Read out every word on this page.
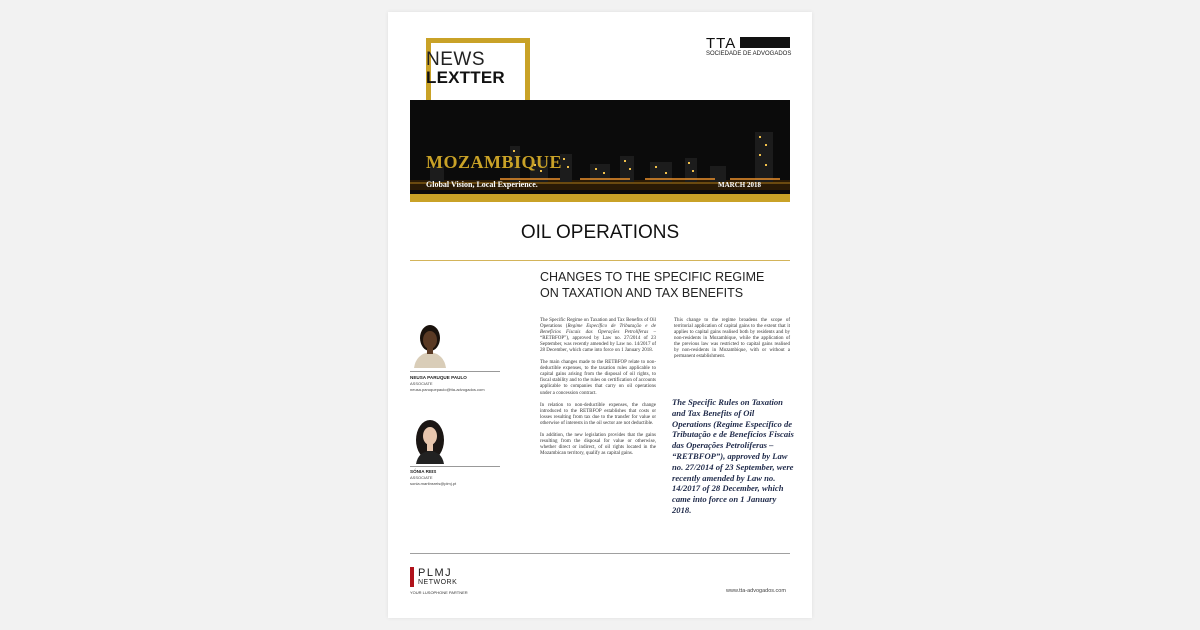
NEWS
LEXTTER
TTA
SOCIEDADE DE ADVOGADOS
MOZAMBIQUE
Global Vision, Local Experience.	MARCH 2018
OIL OPERATIONS
CHANGES TO THE SPECIFIC REGIME
ON TAXATION AND TAX BENEFITS
NEUSA PARUQUE PAULO
ASSOCIATE
neusa.paruquepaulo@tta-advogados.com
SÓNIA REIS
ASSOCIATE
sonia.martinsreis@plmj.pt

The Specific Regime on Taxation and Tax Benefits of Oil Operations (Regime Específico de Tributação e de Benefícios Fiscais das Operações Petrolíferas – “RETBFOP”), approved by Law no. 27/2014 of 23 September, was recently amended by Law no. 14/2017 of 28 December, which came into force on 1 January 2018.

The main changes made to the RETBFOP relate to non-deductible expenses, to the taxation rules applicable to capital gains arising from the disposal of oil rights, to fiscal stability and to the rules on certification of accounts applicable to companies that carry on oil operations under a concession contract.

In relation to non-deductible expenses, the change introduced to the RETBFOP establishes that costs or losses resulting from tax due to the transfer for value or otherwise of interests in the oil sector are not deductible.

In addition, the new legislation provides that the gains resulting from the disposal for value or otherwise, whether direct or indirect, of oil rights located in the Mozambican territory, qualify as capital gains.

This change to the regime broadens the scope of territorial application of capital gains to the extent that it applies to capital gains realised both by residents and by non-residents in Mozambique, while the application of the previous law was restricted to capital gains realised by non-residents in Mozambique, with or without a permanent establishment.

The Specific Rules on Taxation and Tax Benefits of Oil Operations (Regime Específico de Tributação e de Benefícios Fiscais das Operações Petrolíferas – “RETBFOP”), approved by Law no. 27/2014 of 23 September, were recently amended by Law no. 14/2017 of 28 December, which came into force on 1 January 2018.
PLMJ
NETWORK
YOUR LUSOPHONE PARTNER	www.tta-advogados.com
